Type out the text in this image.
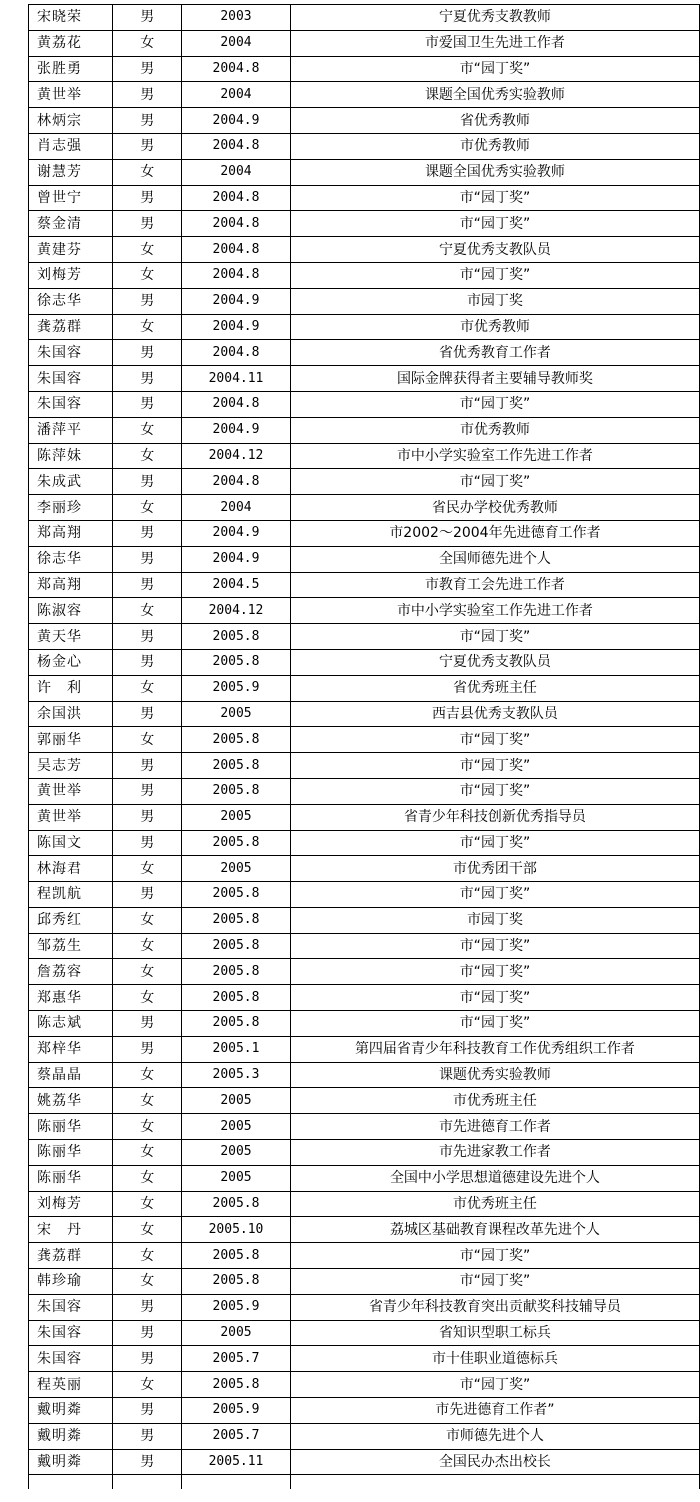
宋晓荣	男	2003	宁夏优秀支教教师
黄荔花	女	2004	市爱国卫生先进工作者
张胜勇	男	2004.8	市“园丁奖”
黄世举	男	2004	课题全国优秀实验教师
林炳宗	男	2004.9	省优秀教师
肖志强	男	2004.8	市优秀教师
谢慧芳	女	2004	课题全国优秀实验教师
曾世宁	男	2004.8	市“园丁奖”
蔡金清	男	2004.8	市“园丁奖”
黄建芬	女	2004.8	宁夏优秀支教队员
刘梅芳	女	2004.8	市“园丁奖”
徐志华	男	2004.9	市园丁奖
龚荔群	女	2004.9	市优秀教师
朱国容	男	2004.8	省优秀教育工作者
朱国容	男	2004.11	国际金牌获得者主要辅导教师奖
朱国容	男	2004.8	市“园丁奖”
潘萍平	女	2004.9	市优秀教师
陈萍妹	女	2004.12	市中小学实验室工作先进工作者
朱成武	男	2004.8	市“园丁奖”
李丽珍	女	2004	省民办学校优秀教师
郑高翔	男	2004.9	市2002～2004年先进德育工作者
徐志华	男	2004.9	全国师德先进个人
郑高翔	男	2004.5	市教育工会先进工作者
陈淑容	女	2004.12	市中小学实验室工作先进工作者
黄天华	男	2005.8	市“园丁奖”
杨金心	男	2005.8	宁夏优秀支教队员
许　利	女	2005.9	省优秀班主任
余国洪	男	2005	西吉县优秀支教队员
郭丽华	女	2005.8	市“园丁奖”
吴志芳	男	2005.8	市“园丁奖”
黄世举	男	2005.8	市“园丁奖”
黄世举	男	2005	省青少年科技创新优秀指导员
陈国文	男	2005.8	市“园丁奖”
林海君	女	2005	市优秀团干部
程凯航	男	2005.8	市“园丁奖”
邱秀红	女	2005.8	市园丁奖
邹荔生	女	2005.8	市“园丁奖”
詹荔容	女	2005.8	市“园丁奖”
郑惠华	女	2005.8	市“园丁奖”
陈志斌	男	2005.8	市“园丁奖”
郑梓华	男	2005.1	第四届省青少年科技教育工作优秀组织工作者
蔡晶晶	女	2005.3	课题优秀实验教师
姚荔华	女	2005	市优秀班主任
陈丽华	女	2005	市先进德育工作者
陈丽华	女	2005	市先进家教工作者
陈丽华	女	2005	全国中小学思想道德建设先进个人
刘梅芳	女	2005.8	市优秀班主任
宋　丹	女	2005.10	荔城区基础教育课程改革先进个人
龚荔群	女	2005.8	市“园丁奖”
韩珍瑜	女	2005.8	市“园丁奖”
朱国容	男	2005.9	省青少年科技教育突出贡献奖科技辅导员
朱国容	男	2005	省知识型职工标兵
朱国容	男	2005.7	市十佳职业道德标兵
程英丽	女	2005.8	市“园丁奖”
戴明粦	男	2005.9	市先进德育工作者”
戴明粦	男	2005.7	市师德先进个人
戴明粦	男	2005.11	全国民办杰出校长
